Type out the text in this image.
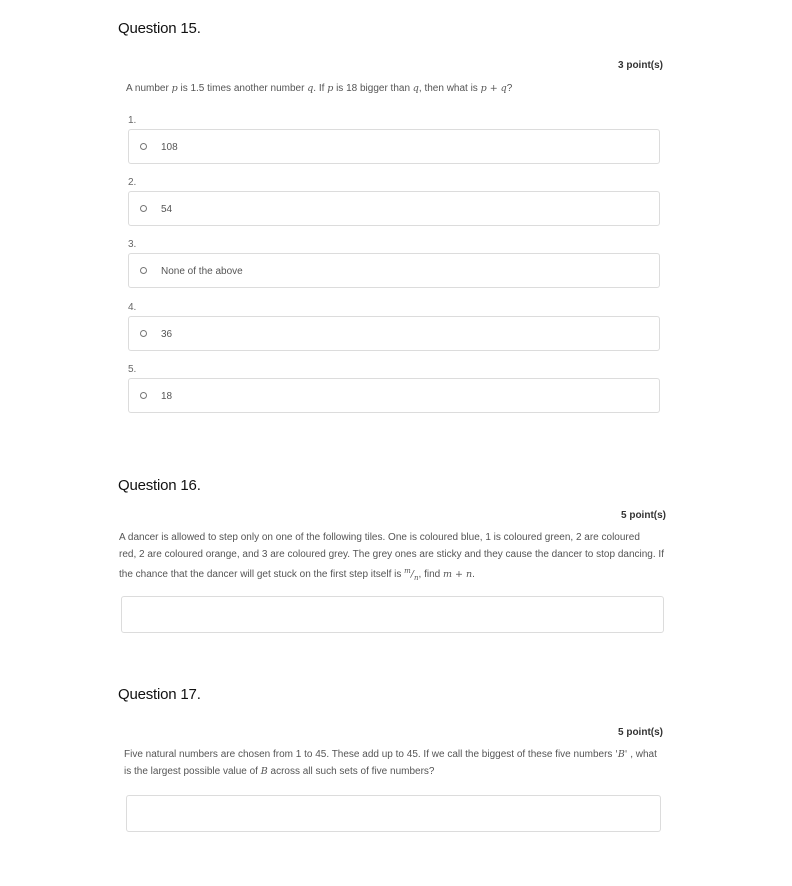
Question 15.
3 point(s)
A number p is 1.5 times another number q. If p is 18 bigger than q, then what is p + q?
1.
108
2.
54
3.
None of the above
4.
36
5.
18
Question 16.
5 point(s)
A dancer is allowed to step only on one of the following tiles. One is coloured blue, 1 is coloured green, 2 are coloured
red, 2 are coloured orange, and 3 are coloured grey. The grey ones are sticky and they cause the dancer to stop dancing. If
the chance that the dancer will get stuck on the first step itself is $^m/_n$, find m + n.
Question 17.
5 point(s)
Five natural numbers are chosen from 1 to 45. These add up to 45. If we call the biggest of these five numbers 'B' , what
is the largest possible value of B across all such sets of five numbers?
